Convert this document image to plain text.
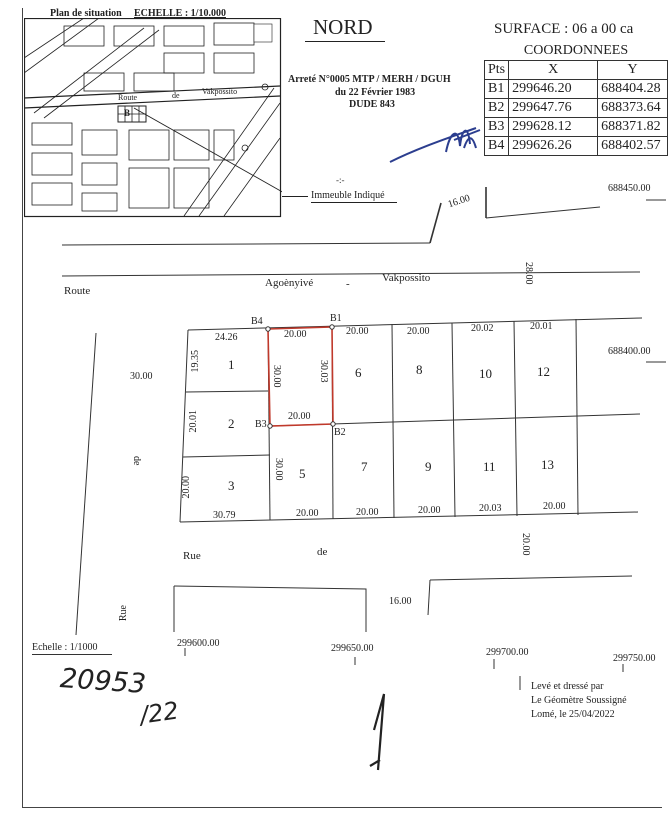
Plan de situation ECHELLE : 1/10.000
Route	de	Vakpossito
B
Immeuble Indiqué
NORD
Arreté N°0005 MTP / MERH / DGUH
du 22 Février 1983
DUDE 843
SURFACE : 06 a 00 ca
COORDONNEES		
Pts	X	Y
B1	299646.20	688404.28
B2	299647.76	688373.64
B3	299628.12	688371.82
B4	299626.26	688402.57
-:-
688450.00
688400.00
16.00
Route
Agoènyivé	-	Vakpossito	28.00
30.00
de
Rue
B4	B1
B3
B2
24.26	20.00	20.00	20.00	20.02	20.01
19.35
30.00	30.03
20.00
20.01
30.00
20.00
1
2
3
5
6
7
8
9
10
11
12
13
30.79	20.00	20.00	20.00	20.03	20.00
20.00
Rue	de
16.00
Echelle : 1/1000	299600.00	299650.00	299700.00
299750.00
20953
/22
Levé et dressé par
Le Géomètre Soussigné
Lomé, le 25/04/2022
